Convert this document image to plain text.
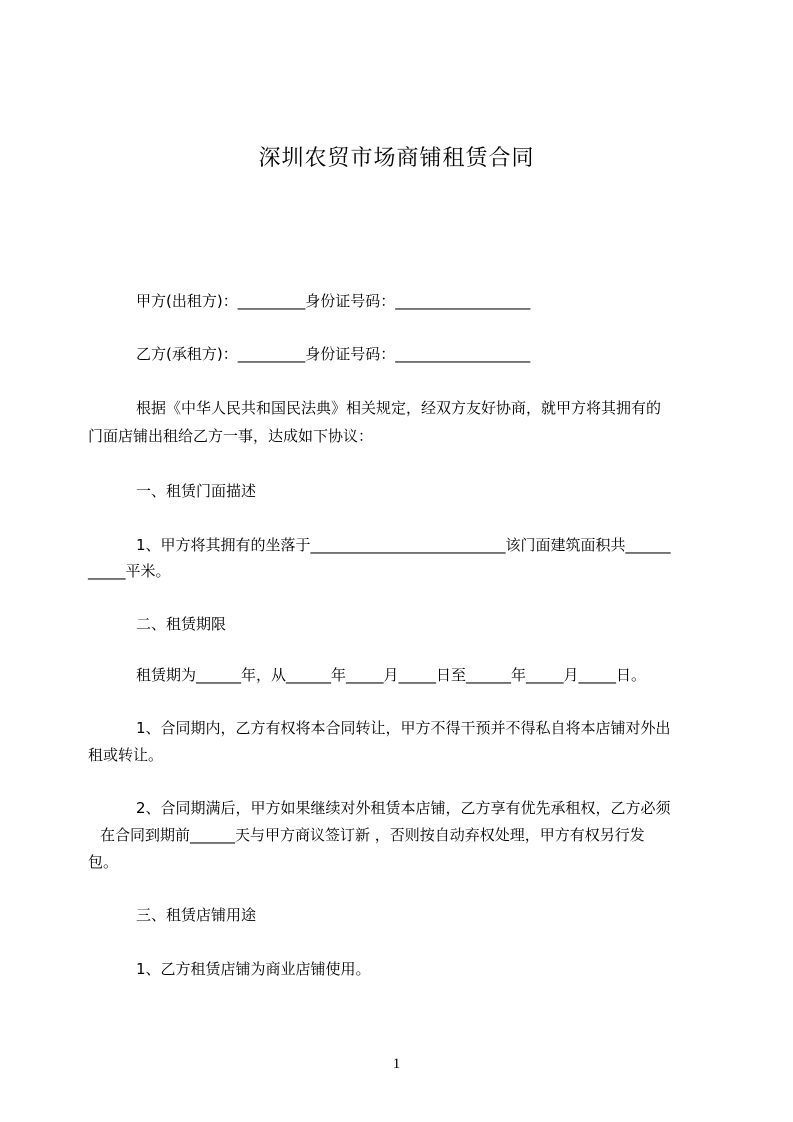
深圳农贸市场商铺租赁合同
甲方(出租方)：_________身份证号码：__________________
乙方(承租方)：_________身份证号码：__________________
根据《中华人民共和国民法典》相关规定，经双方友好协商，就甲方将其拥有的
门面店铺出租给乙方一事，达成如下协议：
一、租赁门面描述
1、甲方将其拥有的坐落于__________________________该门面建筑面积共______
_____平米。
二、租赁期限
租赁期为______年，从______年_____月_____日至______年_____月_____日。
1、合同期内，乙方有权将本合同转让，甲方不得干预并不得私自将本店铺对外出
租或转让。
2、合同期满后，甲方如果继续对外租赁本店铺，乙方享有优先承租权，乙方必须
在合同到期前______天与甲方商议签订新 ，否则按自动弃权处理，甲方有权另行发
包。
三、租赁店铺用途
1、乙方租赁店铺为商业店铺使用。
1
